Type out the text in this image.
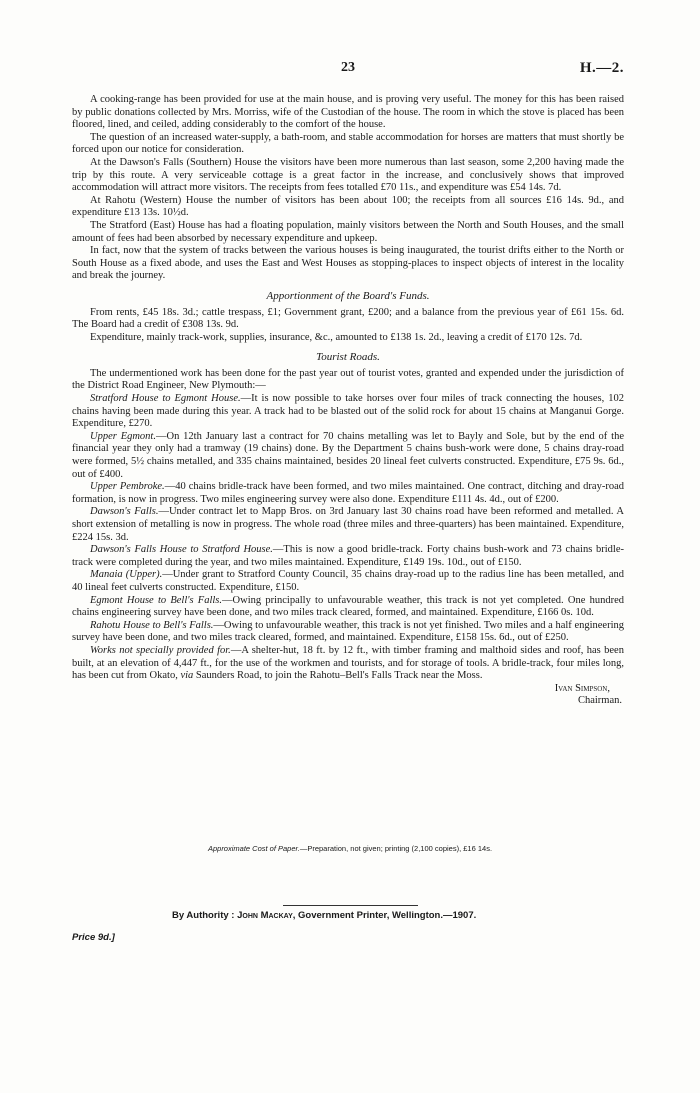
23	H.—2.

A cooking-range has been provided for use at the main house, and is proving very useful. The money for this has been raised by public donations collected by Mrs. Morriss, wife of the Custodian of the house. The room in which the stove is placed has been floored, lined, and ceiled, adding considerably to the comfort of the house.

The question of an increased water-supply, a bath-room, and stable accommodation for horses are matters that must shortly be forced upon our notice for consideration.

At the Dawson's Falls (Southern) House the visitors have been more numerous than last season, some 2,200 having made the trip by this route. A very serviceable cottage is a great factor in the increase, and conclusively shows that improved accommodation will attract more visitors. The receipts from fees totalled £70 11s., and expenditure was £54 14s. 7d.

At Rahotu (Western) House the number of visitors has been about 100; the receipts from all sources £16 14s. 9d., and expenditure £13 13s. 10½d.

The Stratford (East) House has had a floating population, mainly visitors between the North and South Houses, and the small amount of fees had been absorbed by necessary expenditure and upkeep.

In fact, now that the system of tracks between the various houses is being inaugurated, the tourist drifts either to the North or South House as a fixed abode, and uses the East and West Houses as stopping-places to inspect objects of interest in the locality and break the journey.

Apportionment of the Board's Funds.

From rents, £45 18s. 3d.; cattle trespass, £1; Government grant, £200; and a balance from the previous year of £61 15s. 6d. The Board had a credit of £308 13s. 9d.

Expenditure, mainly track-work, supplies, insurance, &c., amounted to £138 1s. 2d., leaving a credit of £170 12s. 7d.

Tourist Roads.

The undermentioned work has been done for the past year out of tourist votes, granted and expended under the jurisdiction of the District Road Engineer, New Plymouth:—

Stratford House to Egmont House.—It is now possible to take horses over four miles of track connecting the houses, 102 chains having been made during this year. A track had to be blasted out of the solid rock for about 15 chains at Manganui Gorge. Expenditure, £270.

Upper Egmont.—On 12th January last a contract for 70 chains metalling was let to Bayly and Sole, but by the end of the financial year they only had a tramway (19 chains) done. By the Department 5 chains bush-work were done, 5 chains dray-road were formed, 5½ chains metalled, and 335 chains maintained, besides 20 lineal feet culverts constructed. Expenditure, £75 9s. 6d., out of £400.

Upper Pembroke.—40 chains bridle-track have been formed, and two miles maintained. One contract, ditching and dray-road formation, is now in progress. Two miles engineering survey were also done. Expenditure £111 4s. 4d., out of £200.

Dawson's Falls.—Under contract let to Mapp Bros. on 3rd January last 30 chains road have been reformed and metalled. A short extension of metalling is now in progress. The whole road (three miles and three-quarters) has been maintained. Expenditure, £224 15s. 3d.

Dawson's Falls House to Stratford House.—This is now a good bridle-track. Forty chains bush-work and 73 chains bridle-track were completed during the year, and two miles maintained. Expenditure, £149 19s. 10d., out of £150.

Manaia (Upper).—Under grant to Stratford County Council, 35 chains dray-road up to the radius line has been metalled, and 40 lineal feet culverts constructed. Expenditure, £150.

Egmont House to Bell's Falls.—Owing principally to unfavourable weather, this track is not yet completed. One hundred chains engineering survey have been done, and two miles track cleared, formed, and maintained. Expenditure, £166 0s. 10d.

Rahotu House to Bell's Falls.—Owing to unfavourable weather, this track is not yet finished. Two miles and a half engineering survey have been done, and two miles track cleared, formed, and maintained. Expenditure, £158 15s. 6d., out of £250.

Works not specially provided for.—A shelter-hut, 18 ft. by 12 ft., with timber framing and malthoid sides and roof, has been built, at an elevation of 4,447 ft., for the use of the workmen and tourists, and for storage of tools. A bridle-track, four miles long, has been cut from Okato, via Saunders Road, to join the Rahotu–Bell's Falls Track near the Moss.

Ivan Simpson,

Chairman.

Approximate Cost of Paper.—Preparation, not given; printing (2,100 copies), £16 14s.
By Authority : John Mackay, Government Printer, Wellington.—1907.
Price 9d.]
